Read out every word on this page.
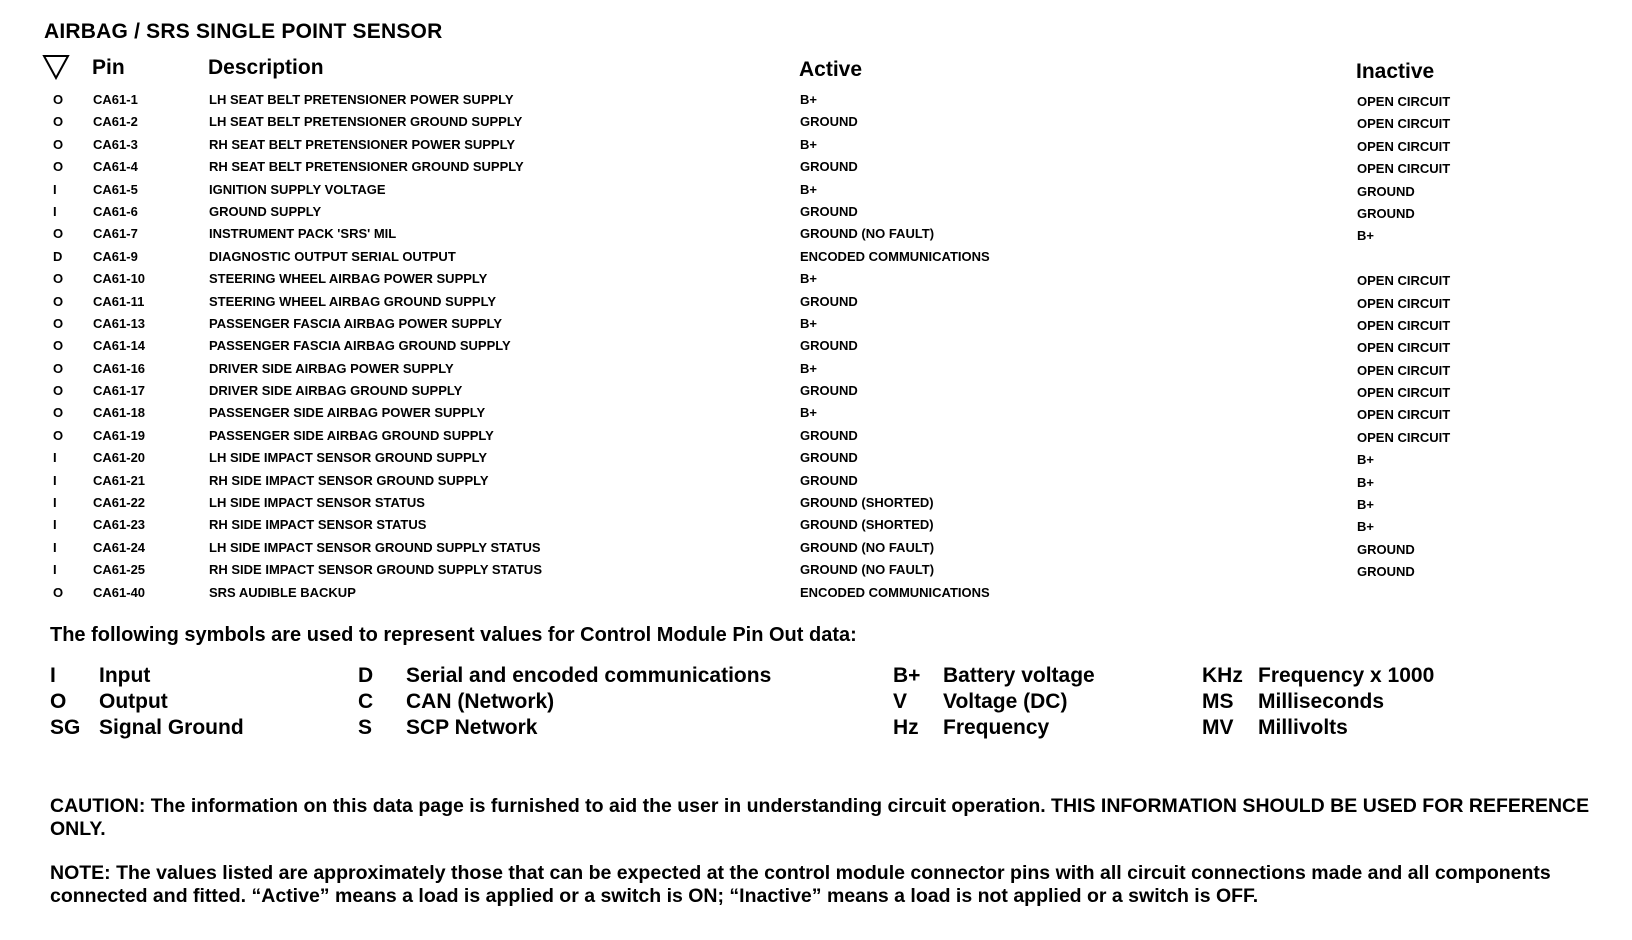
AIRBAG / SRS SINGLE POINT SENSOR
Pin	Description	Active	Inactive
O CA61-1	LH SEAT BELT PRETENSIONER POWER SUPPLY	B+	OPEN CIRCUIT
O CA61-2	LH SEAT BELT PRETENSIONER GROUND SUPPLY	GROUND	OPEN CIRCUIT
O CA61-3	RH SEAT BELT PRETENSIONER POWER SUPPLY	B+	OPEN CIRCUIT
O CA61-4	RH SEAT BELT PRETENSIONER GROUND SUPPLY	GROUND	OPEN CIRCUIT
I	CA61-5	IGNITION SUPPLY VOLTAGE	B+	GROUND
I	CA61-6	GROUND SUPPLY	GROUND	GROUND
O CA61-7	INSTRUMENT PACK 'SRS' MIL	GROUND (NO FAULT)	B+
D CA61-9	DIAGNOSTIC OUTPUT SERIAL OUTPUT	ENCODED COMMUNICATIONS
O CA61-10	STEERING WHEEL AIRBAG POWER SUPPLY	B+	OPEN CIRCUIT
O CA61-11	STEERING WHEEL AIRBAG GROUND SUPPLY	GROUND	OPEN CIRCUIT
O CA61-13	PASSENGER FASCIA AIRBAG POWER SUPPLY	B+	OPEN CIRCUIT
O CA61-14	PASSENGER FASCIA AIRBAG GROUND SUPPLY	GROUND	OPEN CIRCUIT
O CA61-16	DRIVER SIDE AIRBAG POWER SUPPLY	B+	OPEN CIRCUIT
O CA61-17	DRIVER SIDE AIRBAG GROUND SUPPLY	GROUND	OPEN CIRCUIT
O CA61-18	PASSENGER SIDE AIRBAG POWER SUPPLY	B+	OPEN CIRCUIT
O CA61-19	PASSENGER SIDE AIRBAG GROUND SUPPLY	GROUND	OPEN CIRCUIT
I	CA61-20	LH SIDE IMPACT SENSOR GROUND SUPPLY	GROUND	B+
I	CA61-21	RH SIDE IMPACT SENSOR GROUND SUPPLY	GROUND	B+
I	CA61-22	LH SIDE IMPACT SENSOR STATUS	GROUND (SHORTED)	B+
I	CA61-23	RH SIDE IMPACT SENSOR STATUS	GROUND (SHORTED)	B+
I	CA61-24	LH SIDE IMPACT SENSOR GROUND SUPPLY STATUS	GROUND (NO FAULT)	GROUND
I	CA61-25	RH SIDE IMPACT SENSOR GROUND SUPPLY STATUS	GROUND (NO FAULT)	GROUND
O CA61-40	SRS AUDIBLE BACKUP	ENCODED COMMUNICATIONS
The following symbols are used to represent values for Control Module Pin Out data:
I Input
O Output
SG Signal Ground
D Serial and encoded communications
C CAN (Network)
S SCP Network
B+ Battery voltage
V Voltage (DC)
Hz Frequency
KHz Frequency x 1000
MS Milliseconds
MV Millivolts
CAUTION: The information on this data page is furnished to aid the user in understanding circuit operation. THIS INFORMATION SHOULD BE USED FOR REFERENCE ONLY.
NOTE: The values listed are approximately those that can be expected at the control module connector pins with all circuit connections made and all components connected and fitted. “Active” means a load is applied or a switch is ON; “Inactive” means a load is not applied or a switch is OFF.
